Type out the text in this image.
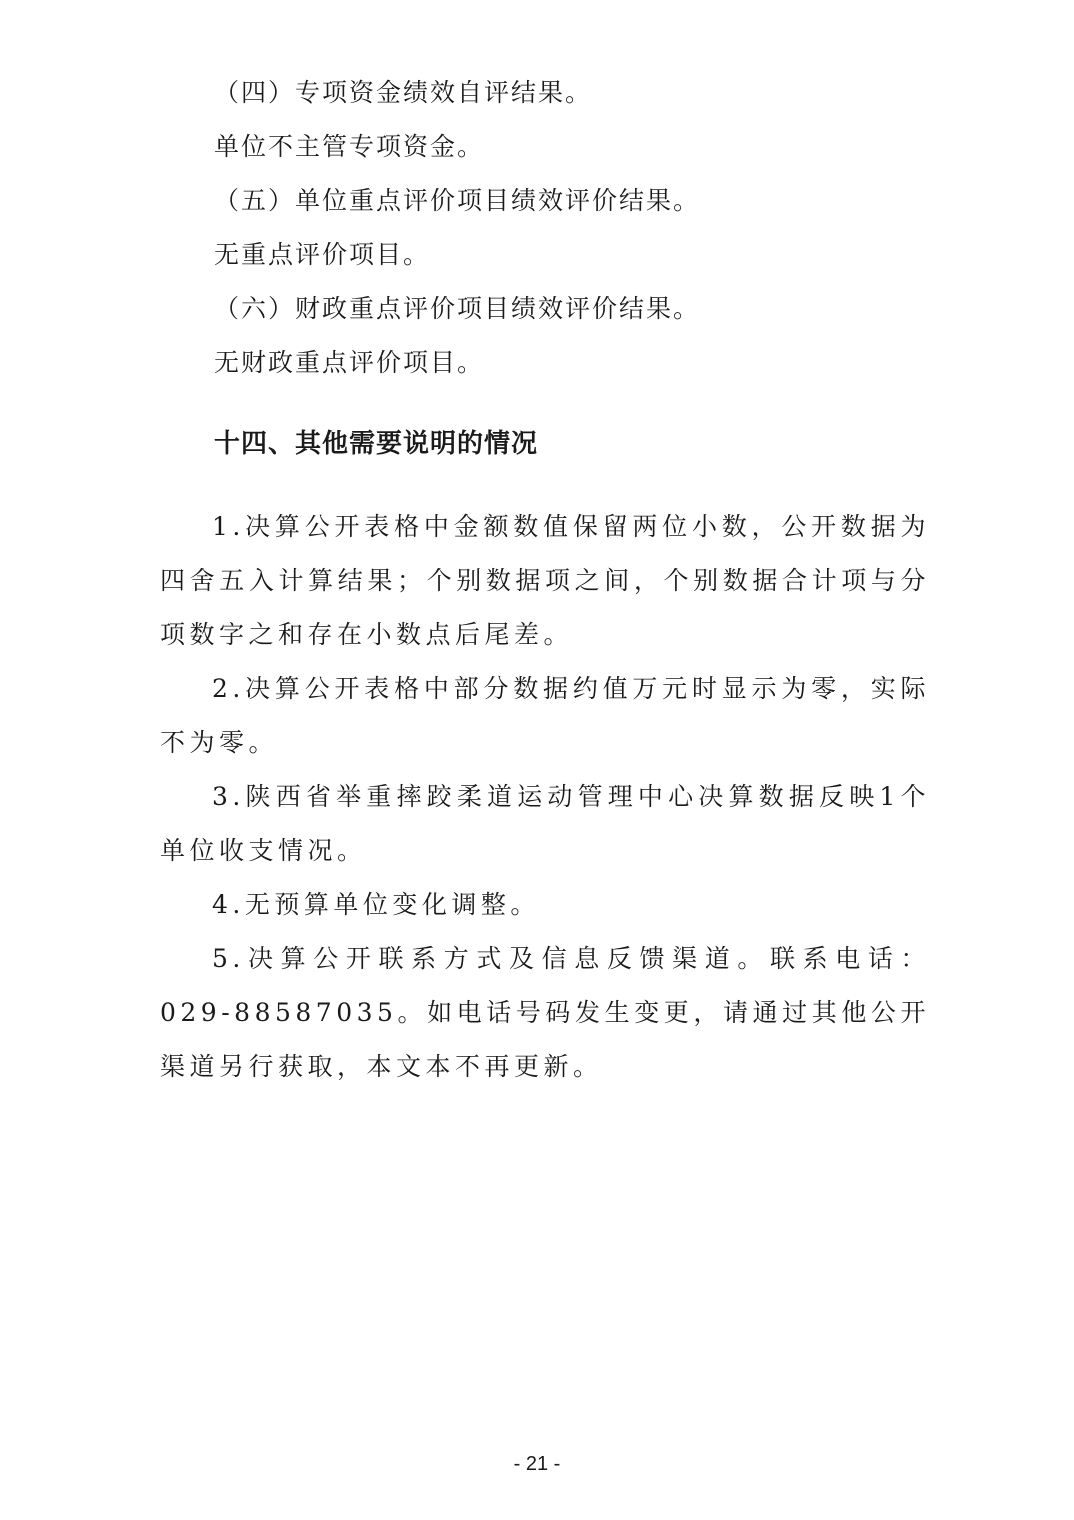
（四）专项资金绩效自评结果。
单位不主管专项资金。
（五）单位重点评价项目绩效评价结果。
无重点评价项目。
（六）财政重点评价项目绩效评价结果。
无财政重点评价项目。
十四、其他需要说明的情况
1.决算公开表格中金额数值保留两位小数，公开数据为四舍五入计算结果；个别数据项之间，个别数据合计项与分项数字之和存在小数点后尾差。
2.决算公开表格中部分数据约值万元时显示为零，实际不为零。
3.陕西省举重摔跤柔道运动管理中心决算数据反映1个单位收支情况。
4.无预算单位变化调整。
5.决算公开联系方式及信息反馈渠道。联系电话：029-88587035。如电话号码发生变更，请通过其他公开渠道另行获取，本文本不再更新。
- 21 -
